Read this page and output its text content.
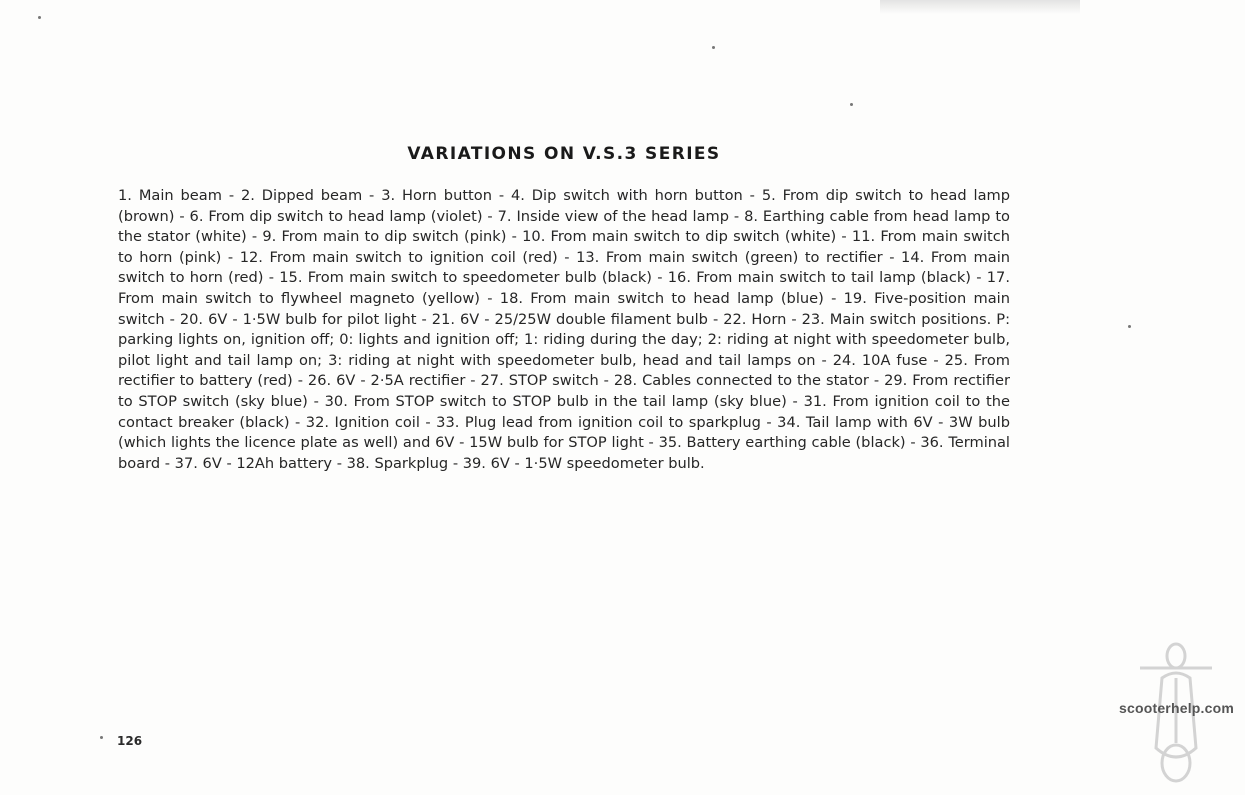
VARIATIONS ON V.S.3 SERIES

1. Main beam - 2. Dipped beam - 3. Horn button - 4. Dip switch with horn button - 5. From dip switch to head lamp (brown) - 6. From dip switch to head lamp (violet) - 7. Inside view of the head lamp - 8. Earthing cable from head lamp to the stator (white) - 9. From main to dip switch (pink) - 10. From main switch to dip switch (white) - 11. From main switch to horn (pink) - 12. From main switch to ignition coil (red) - 13. From main switch (green) to rectifier - 14. From main switch to horn (red) - 15. From main switch to speedometer bulb (black) - 16. From main switch to tail lamp (black) - 17. From main switch to flywheel magneto (yellow) - 18. From main switch to head lamp (blue) - 19. Five-position main switch - 20. 6V - 1·5W bulb for pilot light - 21. 6V - 25/25W double filament bulb - 22. Horn - 23. Main switch positions. P: parking lights on, ignition off; 0: lights and ignition off; 1: riding during the day; 2: riding at night with speedometer bulb, pilot light and tail lamp on; 3: riding at night with speedometer bulb, head and tail lamps on - 24. 10A fuse - 25. From rectifier to battery (red) - 26. 6V - 2·5A rectifier - 27. STOP switch - 28. Cables connected to the stator - 29. From rectifier to STOP switch (sky blue) - 30. From STOP switch to STOP bulb in the tail lamp (sky blue) - 31. From ignition coil to the contact breaker (black) - 32. Ignition coil - 33. Plug lead from ignition coil to sparkplug - 34. Tail lamp with 6V - 3W bulb (which lights the licence plate as well) and 6V - 15W bulb for STOP light - 35. Battery earthing cable (black) - 36. Terminal board - 37. 6V - 12Ah battery - 38. Sparkplug - 39. 6V - 1·5W speedometer bulb.

126
scooterhelp.com
